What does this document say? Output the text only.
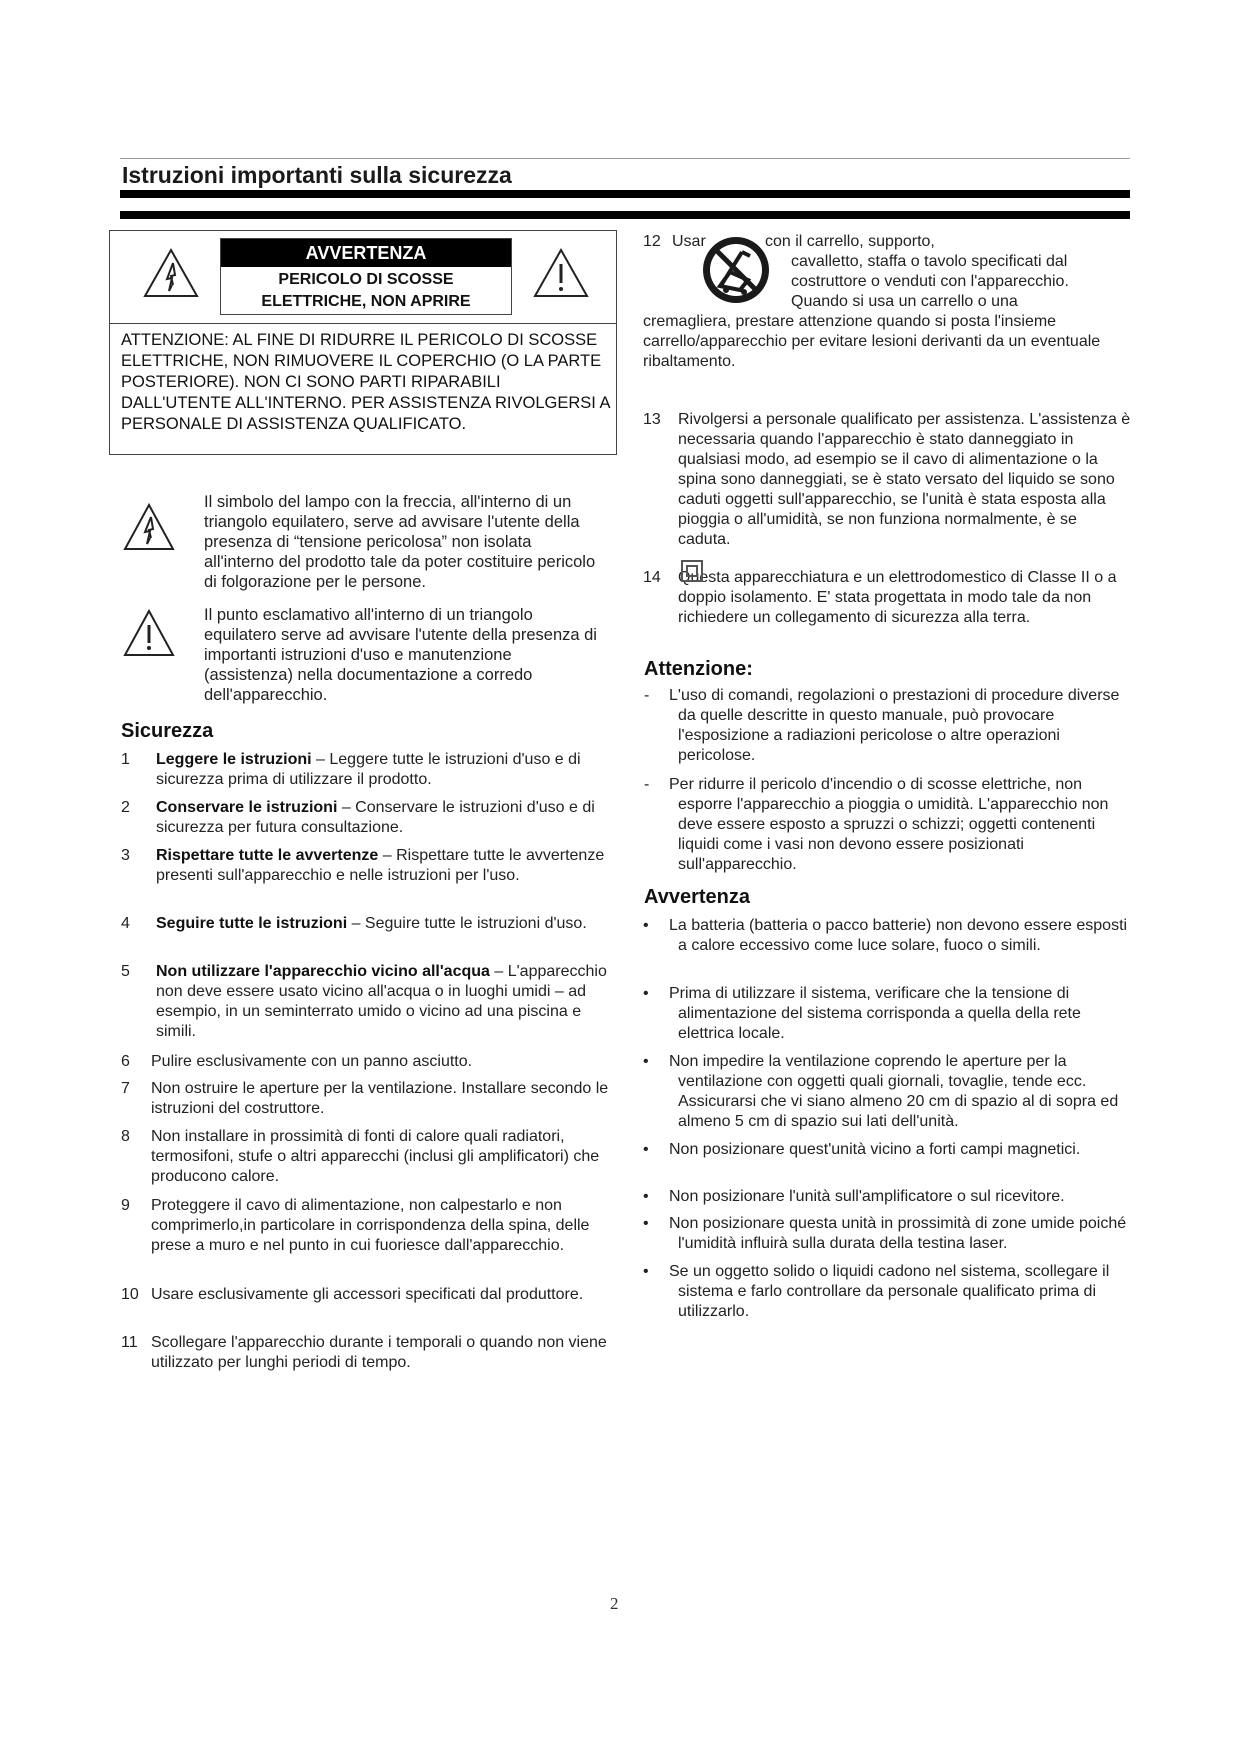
Istruzioni importanti sulla sicurezza
AVVERTENZA
PERICOLO DI SCOSSE
ELETTRICHE, NON APRIRE
ATTENZIONE: AL FINE DI RIDURRE IL PERICOLO DI SCOSSE ELETTRICHE, NON RIMUOVERE IL COPERCHIO (O LA PARTE POSTERIORE). NON CI SONO PARTI RIPARABILI DALL'UTENTE ALL'INTERNO. PER ASSISTENZA RIVOLGERSI A PERSONALE DI ASSISTENZA QUALIFICATO.
Il simbolo del lampo con la freccia, all'interno di un triangolo equilatero, serve ad avvisare l'utente della presenza di “tensione pericolosa” non isolata all'interno del prodotto tale da poter costituire pericolo di folgorazione per le persone.
Il punto esclamativo all'interno di un triangolo equilatero serve ad avvisare l'utente della presenza di importanti istruzioni d'uso e manutenzione (assistenza) nella documentazione a corredo dell'apparecchio.
Sicurezza
1 Leggere le istruzioni – Leggere tutte le istruzioni d'uso e di sicurezza prima di utilizzare il prodotto.
2 Conservare le istruzioni – Conservare le istruzioni d'uso e di sicurezza per futura consultazione.
3 Rispettare tutte le avvertenze – Rispettare tutte le avvertenze presenti sull'apparecchio e nelle istruzioni per l'uso.
4 Seguire tutte le istruzioni – Seguire tutte le istruzioni d'uso.
5 Non utilizzare l'apparecchio vicino all'acqua – L'apparecchio non deve essere usato vicino all'acqua o in luoghi umidi – ad esempio, in un seminterrato umido o vicino ad una piscina e simili.
6 Pulire esclusivamente con un panno asciutto.
7 Non ostruire le aperture per la ventilazione. Installare secondo le istruzioni del costruttore.
8 Non installare in prossimità di fonti di calore quali radiatori, termosifoni, stufe o altri apparecchi (inclusi gli amplificatori) che producono calore.
9 Proteggere il cavo di alimentazione, non calpestarlo e non comprimerlo,in particolare in corrispondenza della spina, delle prese a muro e nel punto in cui fuoriesce dall'apparecchio.
10 Usare esclusivamente gli accessori specificati dal produttore.
11 Scollegare l'apparecchio durante i temporali o quando non viene utilizzato per lunghi periodi di tempo.
12 Usar	con il carrello, supporto,
cavalletto, staffa o tavolo specificati dal
costruttore o venduti con l'apparecchio.
Quando si usa un carrello o una
cremagliera, prestare attenzione quando si posta l'insieme carrello/apparecchio per evitare lesioni derivanti da un eventuale ribaltamento.
13 Rivolgersi a personale qualificato per assistenza. L'assistenza è necessaria quando l'apparecchio è stato danneggiato in qualsiasi modo, ad esempio se il cavo di alimentazione o la spina sono danneggiati, se è stato versato del liquido se sono caduti oggetti sull'apparecchio, se l'unità è stata esposta alla pioggia o all'umidità, se non funziona normalmente, è se caduta.
14 Questa apparecchiatura e un elettrodomestico di Classe II o a doppio isolamento. E' stata progettata in modo tale da non richiedere un collegamento di sicurezza alla terra.
Attenzione:
- L'uso di comandi, regolazioni o prestazioni di procedure diverse da quelle descritte in questo manuale, può provocare l'esposizione a radiazioni pericolose o altre operazioni pericolose.
- Per ridurre il pericolo d'incendio o di scosse elettriche, non esporre l'apparecchio a pioggia o umidità. L'apparecchio non deve essere esposto a spruzzi o schizzi; oggetti contenenti liquidi come i vasi non devono essere posizionati sull'apparecchio.
Avvertenza
• La batteria (batteria o pacco batterie) non devono essere esposti a calore eccessivo come luce solare, fuoco o simili.
• Prima di utilizzare il sistema, verificare che la tensione di alimentazione del sistema corrisponda a quella della rete elettrica locale.
• Non impedire la ventilazione coprendo le aperture per la ventilazione con oggetti quali giornali, tovaglie, tende ecc. Assicurarsi che vi siano almeno 20 cm di spazio al di sopra ed almeno 5 cm di spazio sui lati dell'unità.
• Non posizionare quest'unità vicino a forti campi magnetici.
• Non posizionare l'unità sull'amplificatore o sul ricevitore.
• Non posizionare questa unità in prossimità di zone umide poiché l'umidità influirà sulla durata della testina laser.
• Se un oggetto solido o liquidi cadono nel sistema, scollegare il sistema e farlo controllare da personale qualificato prima di utilizzarlo.
2
